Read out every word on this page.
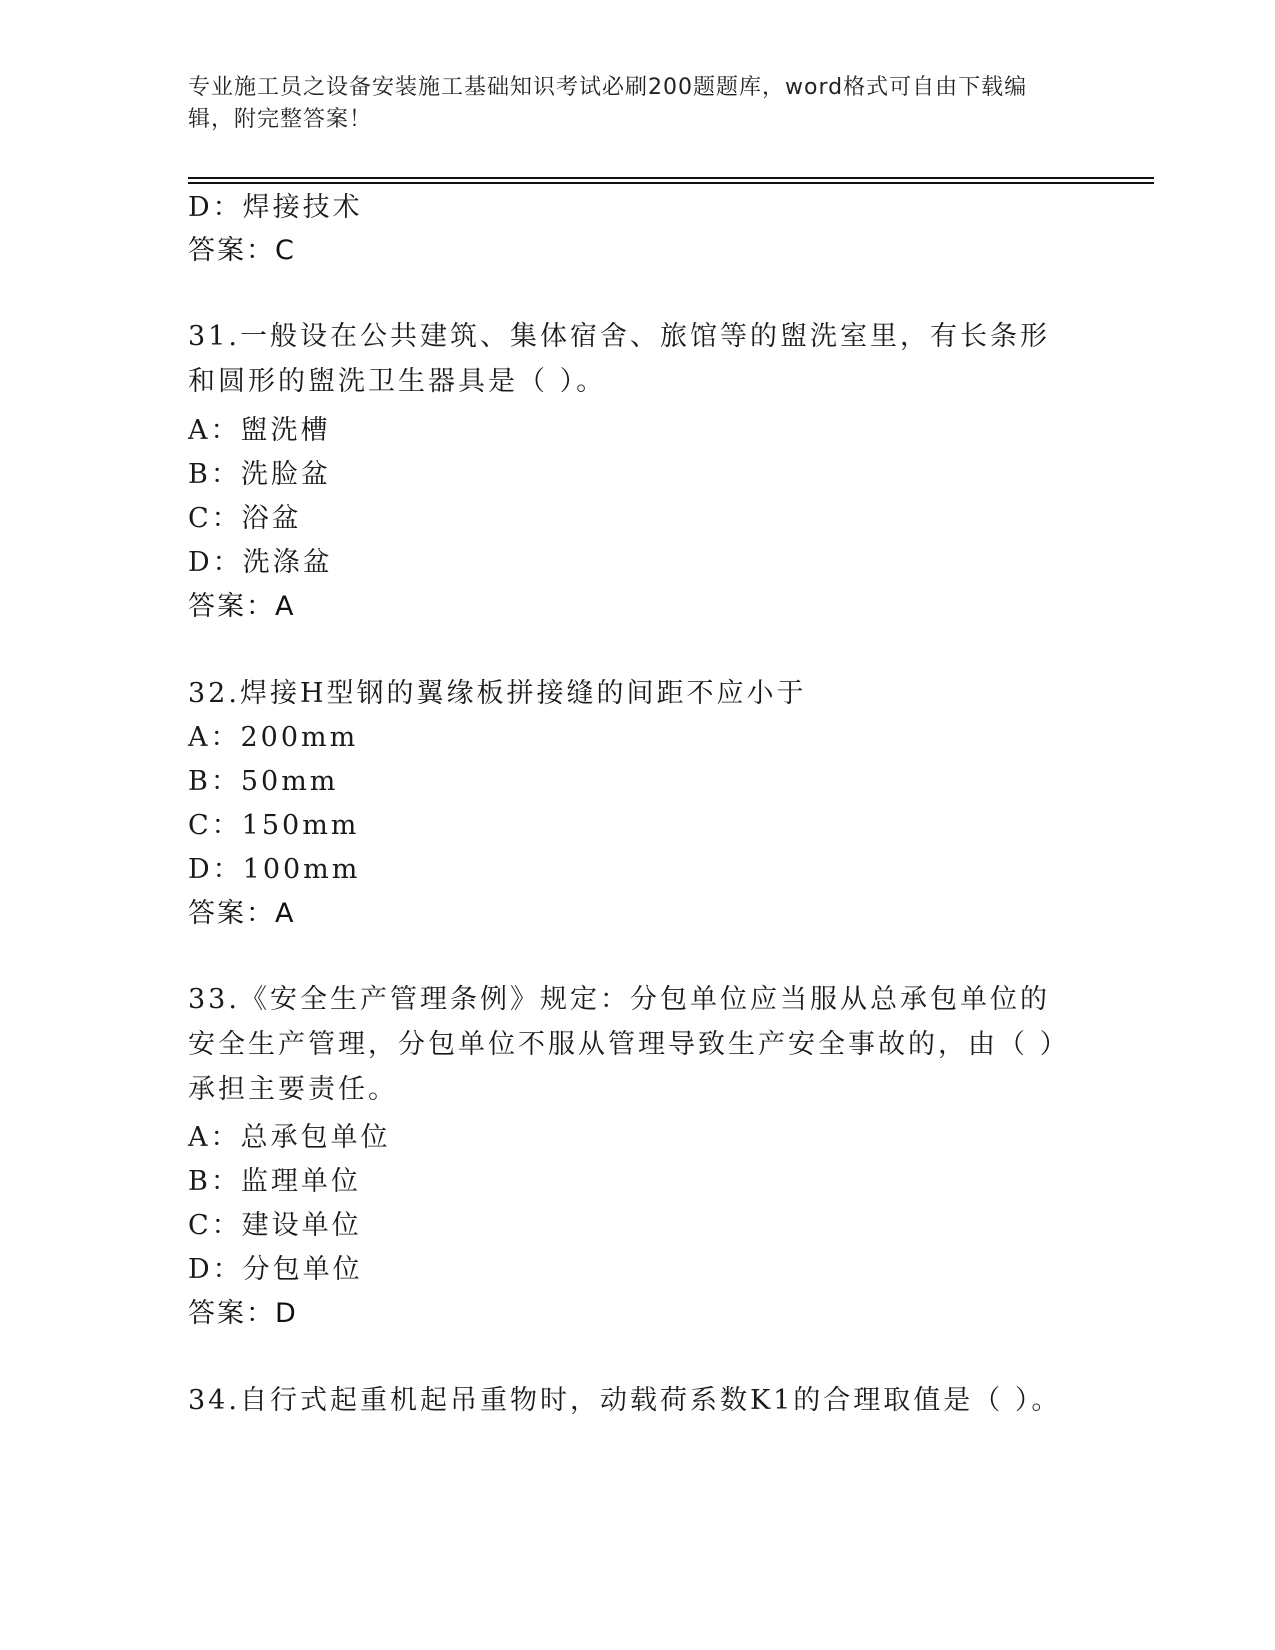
专业施工员之设备安装施工基础知识考试必刷200题题库，word格式可自由下载编辑，附完整答案！
D：焊接技术
答案：C
31.一般设在公共建筑、集体宿舍、旅馆等的盥洗室里，有长条形和圆形的盥洗卫生器具是（ ）。
A：盥洗槽
B：洗脸盆
C：浴盆
D：洗涤盆
答案：A
32.焊接H型钢的翼缘板拼接缝的间距不应小于
A：200mm
B：50mm
C：150mm
D：100mm
答案：A
33.《安全生产管理条例》规定：分包单位应当服从总承包单位的安全生产管理，分包单位不服从管理导致生产安全事故的，由（ ）承担主要责任。
A：总承包单位
B：监理单位
C：建设单位
D：分包单位
答案：D
34.自行式起重机起吊重物时，动载荷系数K1的合理取值是（ ）。
